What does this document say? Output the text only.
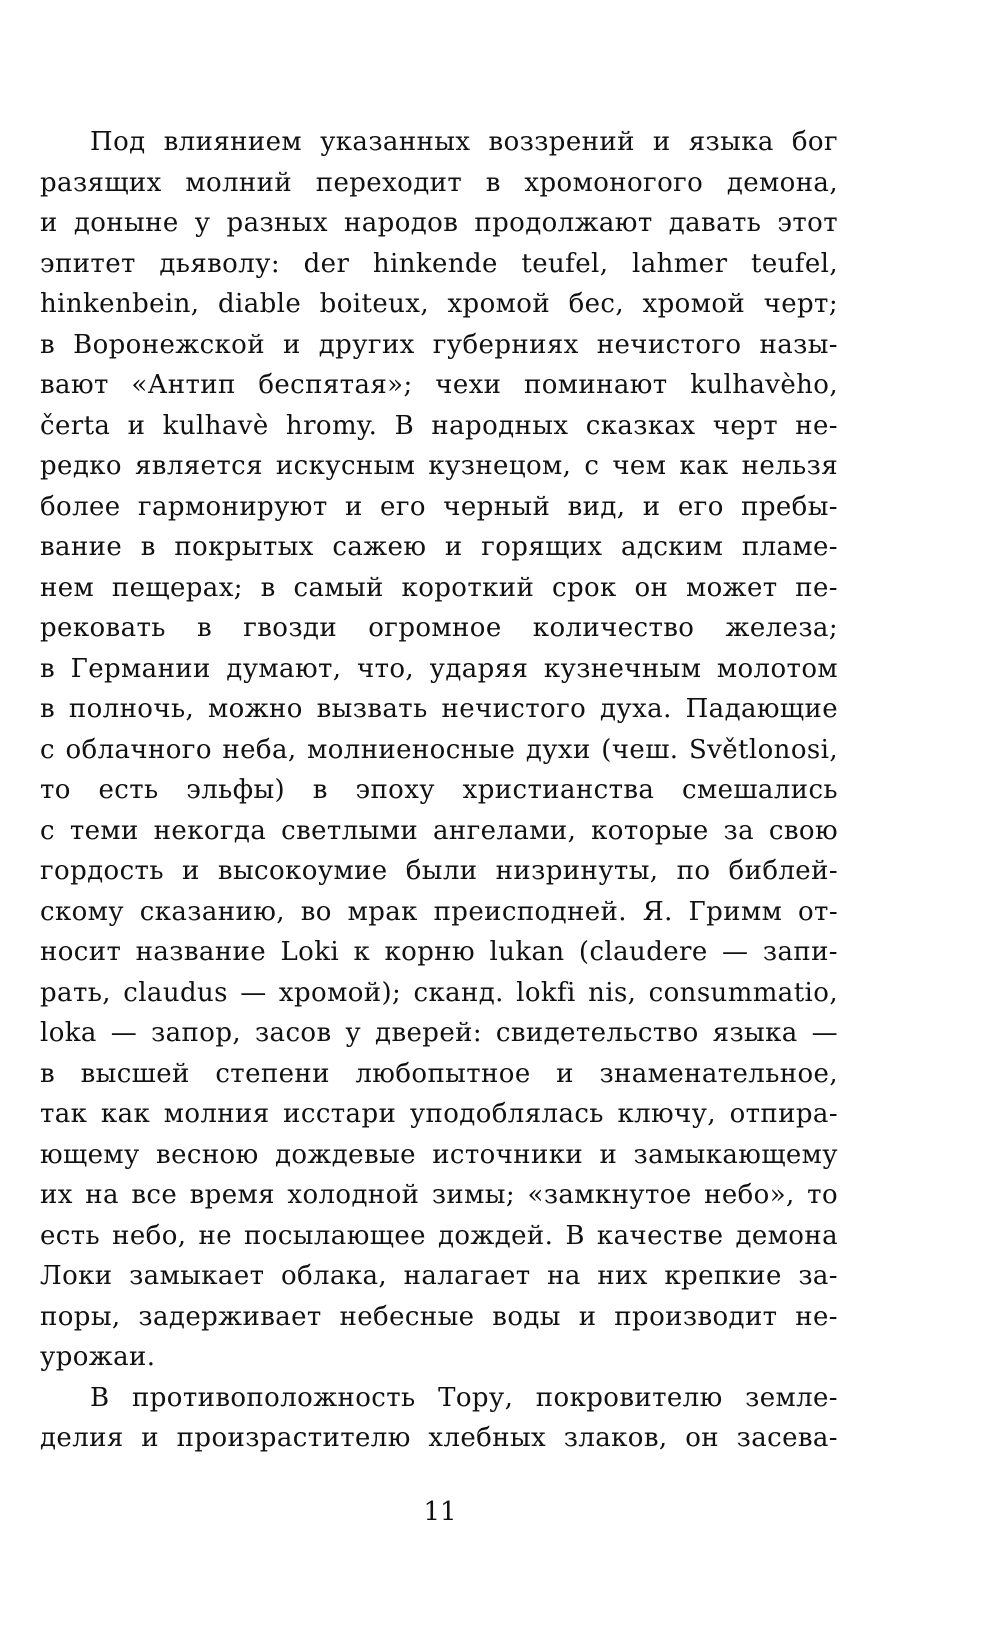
Под влиянием указанных воззрений и языка бог
разящих молний переходит в хромоногого демона,
и доныне у разных народов продолжают давать этот
эпитет дьяволу: der hinkende teufel, lahmer teufel,
hinkenbein, diable boiteux, хромой бес, хромой черт;
в Воронежской и других губерниях нечистого назы-
вают «Антип беспятая»; чехи поминают kulhavèho,
čerta и kulhavè hromy. В народных сказках черт не-
редко является искусным кузнецом, с чем как нельзя
более гармонируют и его черный вид, и его пребы-
вание в покрытых сажею и горящих адским пламе-
нем пещерах; в самый короткий срок он может пе-
рековать в гвозди огромное количество железа;
в Германии думают, что, ударяя кузнечным молотом
в полночь, можно вызвать нечистого духа. Падающие
с облачного неба, молниеносные духи (чеш. Světlonosi,
то есть эльфы) в эпоху христианства смешались
с теми некогда светлыми ангелами, которые за свою
гордость и высокоумие были низринуты, по библей-
скому сказанию, во мрак преисподней. Я. Гримм от-
носит название Loki к корню lukan (claudere — запи-
рать, claudus — хромой); сканд. lokfi nis, consummatio,
loka — запор, засов у дверей: свидетельство языка —
в высшей степени любопытное и знаменательное,
так как молния исстари уподоблялась ключу, отпира-
ющему весною дождевые источники и замыкающему
их на все время холодной зимы; «замкнутое небо», то
есть небо, не посылающее дождей. В качестве демона
Локи замыкает облака, налагает на них крепкие за-
поры, задерживает небесные воды и производит не-
урожаи.
В противоположность Тору, покровителю земле-
делия и произрастителю хлебных злаков, он засева-
11
